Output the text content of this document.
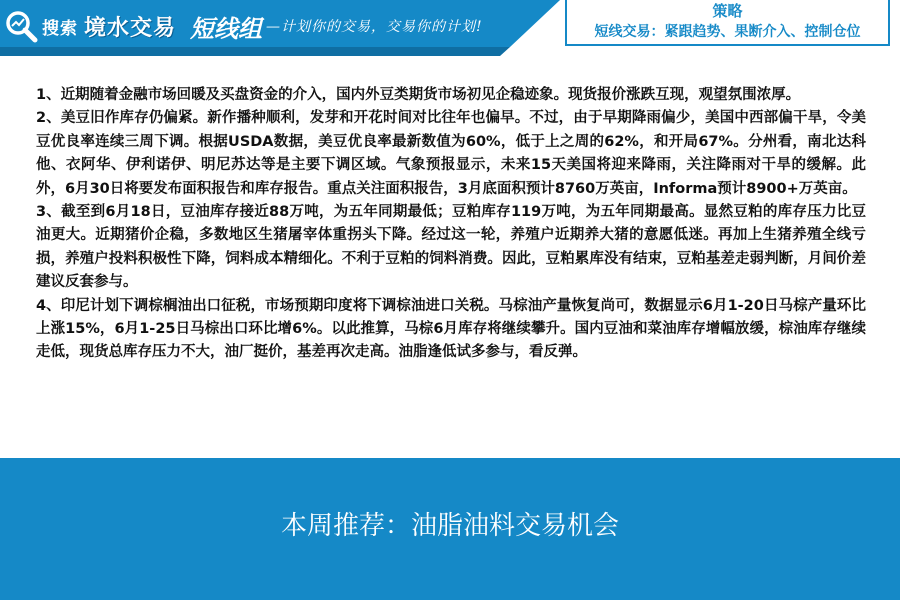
搜索 境水交易 短线组 —计划你的交易，交易你的计划!
策略
短线交易：紧跟趋势、果断介入、控制仓位

1、近期随着金融市场回暖及买盘资金的介入，国内外豆类期货市场初见企稳迹象。现货报价涨跌互现，观望氛围浓厚。

2、美豆旧作库存仍偏紧。新作播种顺利，发芽和开花时间对比往年也偏早。不过，由于早期降雨偏少，美国中西部偏干旱，令美豆优良率连续三周下调。根据USDA数据，美豆优良率最新数值为60%，低于上之周的62%，和开局67%。分州看，南北达科他、衣阿华、伊利诺伊、明尼苏达等是主要下调区域。气象预报显示，未来15天美国将迎来降雨，关注降雨对干旱的缓解。此外，6月30日将要发布面积报告和库存报告。重点关注面积报告，3月底面积预计8760万英亩，Informa预计8900+万英亩。

3、截至到6月18日，豆油库存接近88万吨，为五年同期最低；豆粕库存119万吨，为五年同期最高。显然豆粕的库存压力比豆油更大。近期猪价企稳，多数地区生猪屠宰体重拐头下降。经过这一轮，养殖户近期养大猪的意愿低迷。再加上生猪养殖全线亏损，养殖户投料积极性下降，饲料成本精细化。不利于豆粕的饲料消费。因此，豆粕累库没有结束，豆粕基差走弱判断，月间价差建议反套参与。

4、印尼计划下调棕榈油出口征税，市场预期印度将下调棕油进口关税。马棕油产量恢复尚可，数据显示6月1-20日马棕产量环比上涨15%，6月1-25日马棕出口环比增6%。以此推算，马棕6月库存将继续攀升。国内豆油和菜油库存增幅放缓，棕油库存继续走低，现货总库存压力不大，油厂挺价，基差再次走高。油脂逢低试多参与，看反弹。

本周推荐：油脂油料交易机会
